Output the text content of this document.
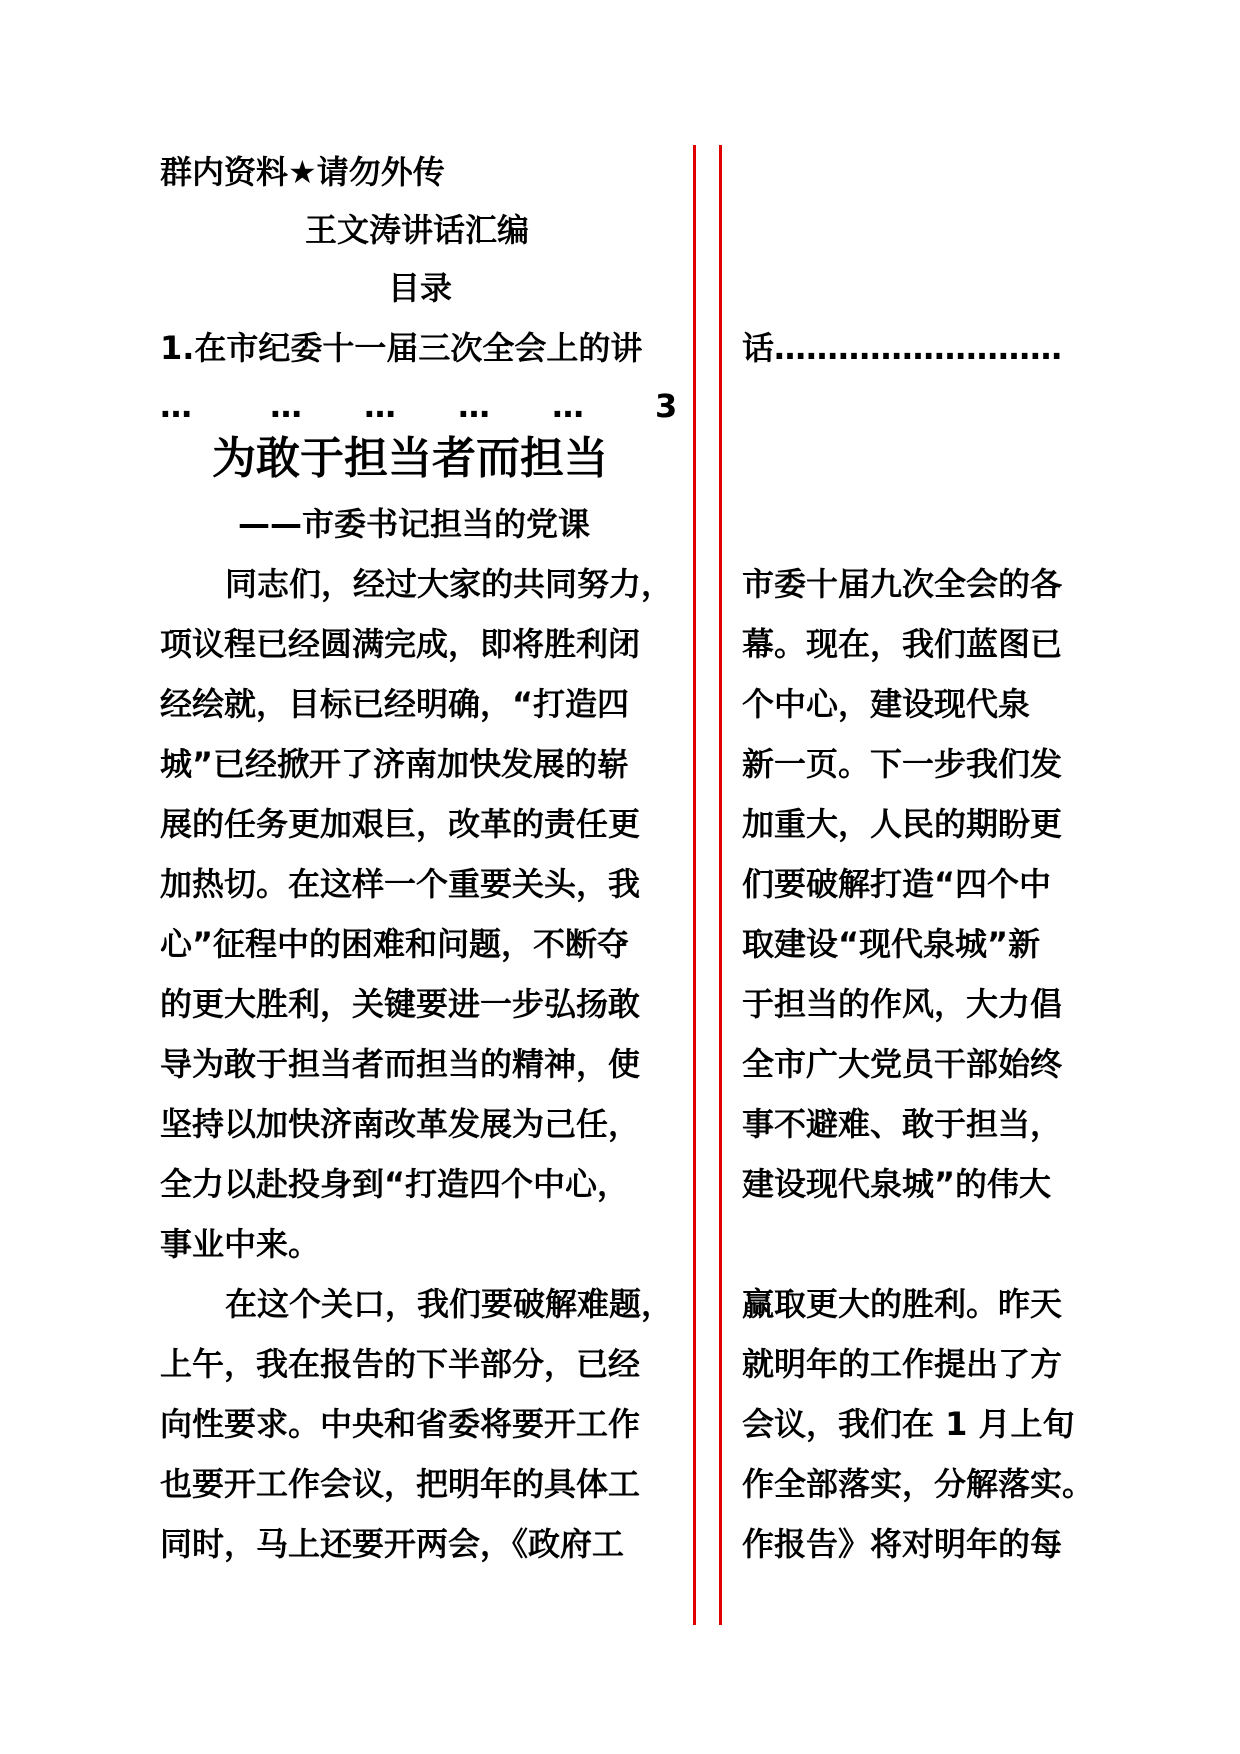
群内资料★请勿外传
王文涛讲话汇编
目录
1.在市纪委十一届三次全会上的讲	话………………………
… … … … … 3
为敢于担当者而担当
——市委书记担当的党课
同志们，经过大家的共同努力，
项议程已经圆满完成，即将胜利闭
经绘就，目标已经明确，“打造四
城”已经掀开了济南加快发展的崭
展的任务更加艰巨，改革的责任更
加热切。在这样一个重要关头，我
心”征程中的困难和问题，不断夺
的更大胜利，关键要进一步弘扬敢
导为敢于担当者而担当的精神，使
坚持以加快济南改革发展为己任，
全力以赴投身到“打造四个中心，
事业中来。
在这个关口，我们要破解难题，
上午，我在报告的下半部分，已经
向性要求。中央和省委将要开工作
也要开工作会议，把明年的具体工
同时，马上还要开两会，《政府工
市委十届九次全会的各
幕。现在，我们蓝图已
个中心，建设现代泉
新一页。下一步我们发
加重大，人民的期盼更
们要破解打造“四个中
取建设“现代泉城”新
于担当的作风，大力倡
全市广大党员干部始终
事不避难、敢于担当，
建设现代泉城”的伟大
赢取更大的胜利。昨天
就明年的工作提出了方
会议，我们在 1 月上旬
作全部落实，分解落实。
作报告》将对明年的每
